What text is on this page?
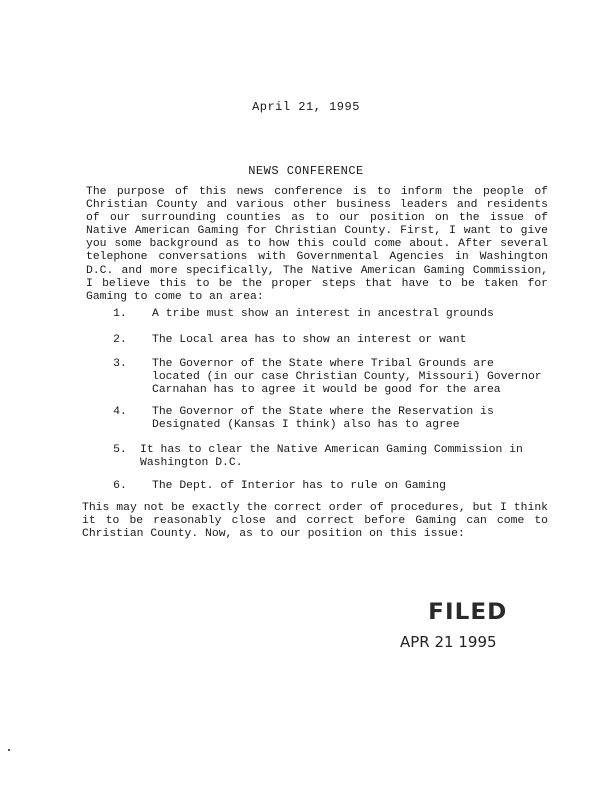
April 21, 1995
NEWS CONFERENCE
The purpose of this news conference is to inform the people of Christian County and various other business leaders and residents of our surrounding counties as to our position on the issue of Native American Gaming for Christian County. First, I want to give you some background as to how this could come about. After several telephone conversations with Governmental Agencies in Washington D.C. and more specifically, The Native American Gaming Commission, I believe this to be the proper steps that have to be taken for Gaming to come to an area:
1.	A tribe must show an interest in ancestral grounds
2.	The Local area has to show an interest or want
3.	The Governor of the State where Tribal Grounds are located (in our case Christian County, Missouri) Governor Carnahan has to agree it would be good for the area
4.	The Governor of the State where the Reservation is Designated (Kansas I think) also has to agree
5.	It has to clear the Native American Gaming Commission in Washington D.C.
6.	The Dept. of Interior has to rule on Gaming
This may not be exactly the correct order of procedures, but I think it to be reasonably close and correct before Gaming can come to Christian County. Now, as to our position on this issue:
FILED
APR 21 1995
